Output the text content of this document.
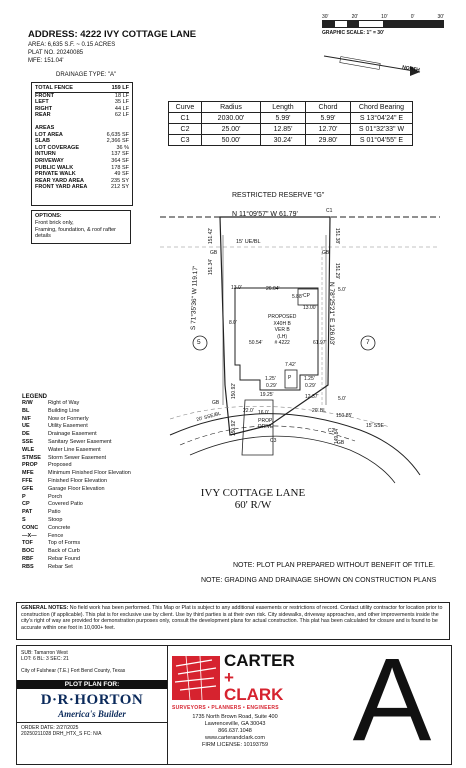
ADDRESS: 4222 IVY COTTAGE LANE
AREA: 6,635 S.F. ~ 0.15 ACRES
PLAT NO. 20240085
MFE: 151.04'
DRAINAGE TYPE: "A"
30'	20'	10'	0'	30'
GRAPHIC SCALE: 1" = 30'
NORTH
TOTAL FENCE	159 LF
FRONT	18 LF
LEFT	35 LF
RIGHT	44 LF
REAR	62 LF
AREAS
LOT AREA	6,635 SF
SLAB	2,366 SF
LOT COVERAGE	36 %
INTURN	137 SF
DRIVEWAY	364 SF
PUBLIC WALK	178 SF
PRIVATE WALK	49 SF
REAR YARD AREA	235 SY
FRONT YARD AREA	212 SY
OPTIONS:
Front brick only,
Framing, foundation, & roof rafter details
Curve	Radius	Length	Chord	Chord Bearing
C1	2030.00'	5.99'	5.99'	S 13°04'24" E
C2	25.00'	12.85'	12.70'	S 01°32'33" W
C3	50.00'	30.24'	29.80'	S 01°04'55" E
RESTRICTED RESERVE "G"
N 11°09'57" W 61.79'
15' UE/BL
S 71°35'36" W 119.17'	N 78°25'21" E 126.03'
PROPOSED
X40H B
VER B
(LH)
# 4222
CP
P
5	7
PROP.
DRIVE
C1
C2
C3
13.0'	26.04'
5.88'
13.00'
50.54'	61.97'
5.0'
5.0'
8.0'
7.42'
19.25'
1.25'
0.29'
1.25'
0.29'
12.37'
16.0'	20' BL
150.85'
20' SSE/BL
15' SSE
22.0'
150.92'
150.92'
151.42'
151.34'
151.38'
151.29'
149.84'
GB	GB
GB
GB
IVY COTTAGE LANE
60' R/W
LEGEND
R/W	Right of Way
BL	Building Line
N/F	Now or Formerly
UE	Utility Easement
DE	Drainage Easement
SSE	Sanitary Sewer Easement
WLE	Water Line Easement
STMSE	Storm Sewer Easement
PROP	Proposed
MFE	Minimum Finished Floor Elevation
FFE	Finished Floor Elevation
GFE	Garage Floor Elevation
P	Porch
CP	Covered Patio
PAT	Patio
S	Stoop
CONC	Concrete
—X—	Fence
TOF	Top of Forms
BOC	Back of Curb
RBF	Rebar Found
RBS	Rebar Set	NOTE: PLOT PLAN PREPARED WITHOUT BENEFIT OF TITLE.
NOTE: GRADING AND DRAINAGE SHOWN ON CONSTRUCTION PLANS
GENERAL NOTES: No field work has been performed. This Map or Plat is subject to any additional easements or restrictions of record. Contact utility contractor for location prior to construction (if applicable). This plat is for exclusive use by client. Use by third parties is at their own risk. City sidewalks, driveway approaches, and other improvements inside the city's right of way are provided for demonstration purposes only, consult the development plans for actual construction. This plat has been calculated for closure and is found to be accurate within one foot in 10,000+ feet.
SUB: Tamarron West
LOT: 6 BL: 3 SEC: 21
City of Fulshear (T.E.) Fort Bend County, Texas
PLOT PLAN FOR:
D·R·HORTON
America's Builder
ORDER DATE: 2/27/2025
20250211028 DRH_HTX_S FC: N/A
CARTER
+ CLARK
SURVEYORS • PLANNERS • ENGINEERS
1735 North Brown Road, Suite 400
Lawrenceville, GA 30043
866.637.1048
www.carterandclark.com
FIRM LICENSE: 10193759 A
